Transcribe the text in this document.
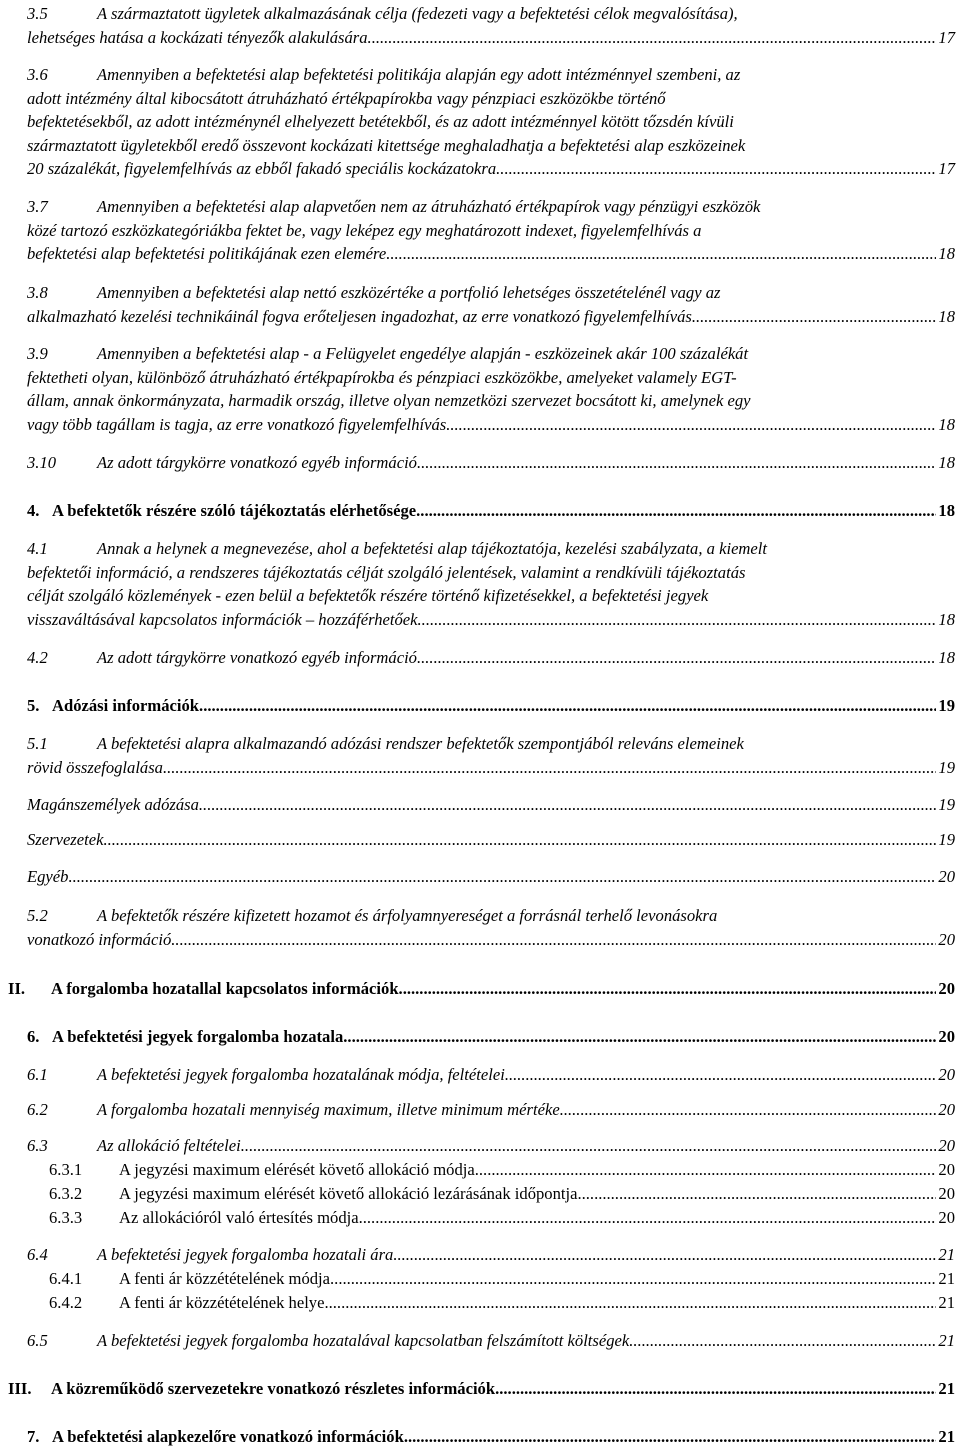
3.5	A származtatott ügyletek alkalmazásának célja (fedezeti vagy a befektetési célok megvalósítása),
lehetséges hatása a kockázati tényezők alakulására. .....	17
3.6	Amennyiben a befektetési alap befektetési politikája alapján egy adott intézménnyel szembeni, az
adott intézmény által kibocsátott átruházható értékpapírokba vagy pénzpiaci eszközökbe történő
befektetésekből, az adott intézménynél elhelyezett betétekből, és az adott intézménnyel kötött tőzsdén kívüli
származtatott ügyletekből eredő összevont kockázati kitettsége meghaladhatja a befektetési alap eszközeinek
20 százalékát, figyelemfelhívás az ebből fakadó speciális kockázatokra .....	17
3.7	Amennyiben a befektetési alap alapvetően nem az átruházható értékpapírok vagy pénzügyi eszközök
közé tartozó eszközkategóriákba fektet be, vagy leképez egy meghatározott indexet, figyelemfelhívás a
befektetési alap befektetési politikájának ezen elemére .....	18
3.8	Amennyiben a befektetési alap nettó eszközértéke a portfolió lehetséges összetételénél vagy az
alkalmazható kezelési technikáinál fogva erőteljesen ingadozhat, az erre vonatkozó figyelemfelhívás .....	18
3.9	Amennyiben a befektetési alap - a Felügyelet engedélye alapján - eszközeinek akár 100 százalékát
fektetheti olyan, különböző átruházható értékpapírokba és pénzpiaci eszközökbe, amelyeket valamely EGT-
állam, annak önkormányzata, harmadik ország, illetve olyan nemzetközi szervezet bocsátott ki, amelynek egy
vagy több tagállam is tagja, az erre vonatkozó figyelemfelhívás .....	18
3.10	Az adott tárgykörre vonatkozó egyéb információ .....	18
4. A befektetők részére szóló tájékoztatás elérhetősége .....	18
4.1	Annak a helynek a megnevezése, ahol a befektetési alap tájékoztatója, kezelési szabályzata, a kiemelt
befektetői információ, a rendszeres tájékoztatás célját szolgáló jelentések, valamint a rendkívüli tájékoztatás
célját szolgáló közlemények - ezen belül a befektetők részére történő kifizetésekkel, a befektetési jegyek
visszaváltásával kapcsolatos információk – hozzáférhetőek .....	18
4.2	Az adott tárgykörre vonatkozó egyéb információ .....	18
5. Adózási információk .....	19
5.1	A befektetési alapra alkalmazandó adózási rendszer befektetők szempontjából releváns elemeinek
rövid összefoglalása .....	19
Magánszemélyek adózása .....	19
Szervezetek .....	19
Egyéb .....	20
5.2	A befektetők részére kifizetett hozamot és árfolyamnyereséget a forrásnál terhelő levonásokra
vonatkozó információ .....	20
II.	A forgalomba hozatallal kapcsolatos információk .....	20
6. A befektetési jegyek forgalomba hozatala .....	20
6.1	A befektetési jegyek forgalomba hozatalának módja, feltételei .....	20
6.2	A forgalomba hozatali mennyiség maximum, illetve minimum mértéke .....	20
6.3	Az allokáció feltételei .....	20
6.3.1	A jegyzési maximum elérését követő allokáció módja .....	20
6.3.2	A jegyzési maximum elérését követő allokáció lezárásának időpontja .....	20
6.3.3	Az allokációról való értesítés módja .....	20
6.4	A befektetési jegyek forgalomba hozatali ára .....	21
6.4.1	A fenti ár közzétételének módja .....	21
6.4.2	A fenti ár közzétételének helye .....	21
6.5	A befektetési jegyek forgalomba hozatalával kapcsolatban felszámított költségek .....	21
III.	A közreműködő szervezetekre vonatkozó részletes információk .....	21
7. A befektetési alapkezelőre vonatkozó információk .....	21
